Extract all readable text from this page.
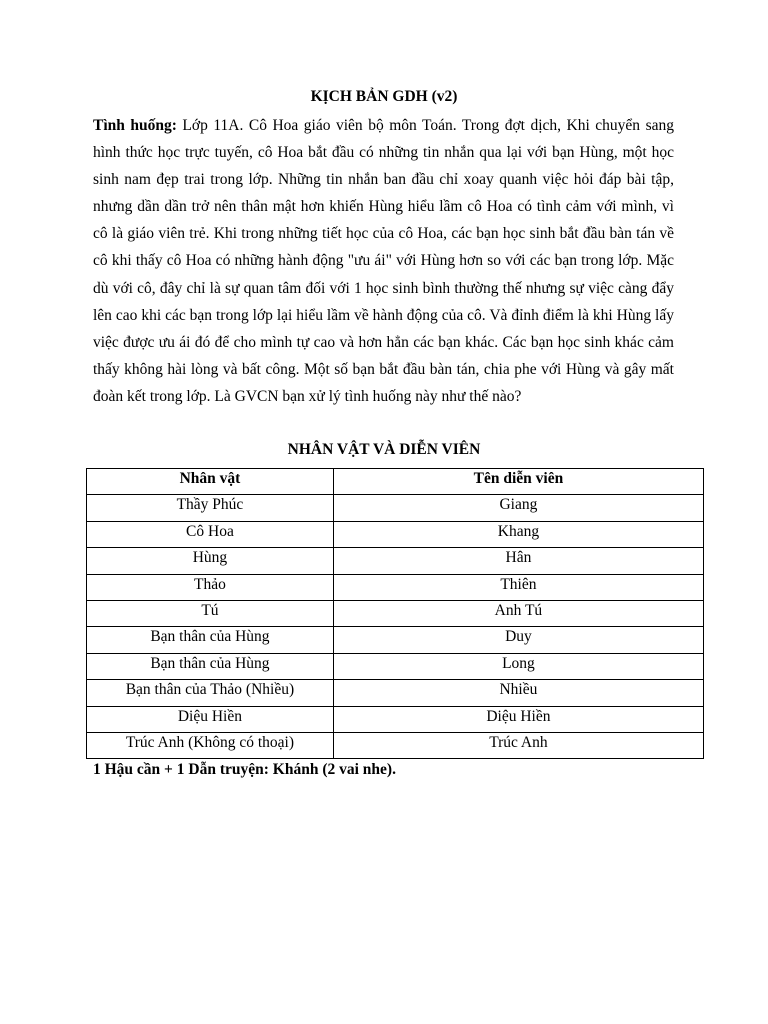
KỊCH BẢN GDH (v2)

Tình huống: Lớp 11A. Cô Hoa giáo viên bộ môn Toán. Trong đợt dịch, Khi chuyển sang hình thức học trực tuyến, cô Hoa bắt đầu có những tin nhắn qua lại với bạn Hùng, một học sinh nam đẹp trai trong lớp. Những tin nhắn ban đầu chỉ xoay quanh việc hỏi đáp bài tập, nhưng dần dần trở nên thân mật hơn khiến Hùng hiểu lầm cô Hoa có tình cảm với mình, vì cô là giáo viên trẻ. Khi trong những tiết học của cô Hoa, các bạn học sinh bắt đầu bàn tán về cô khi thấy cô Hoa có những hành động "ưu ái" với Hùng hơn so với các bạn trong lớp. Mặc dù với cô, đây chỉ là sự quan tâm đối với 1 học sinh bình thường thế nhưng sự việc càng đẩy lên cao khi các bạn trong lớp lại hiểu lầm về hành động của cô. Và đỉnh điểm là khi Hùng lấy việc được ưu ái đó để cho mình tự cao và hơn hẳn các bạn khác. Các bạn học sinh khác cảm thấy không hài lòng và bất công. Một số bạn bắt đầu bàn tán, chia phe với Hùng và gây mất đoàn kết trong lớp. Là GVCN bạn xử lý tình huống này như thế nào?

NHÂN VẬT VÀ DIỄN VIÊN
Nhân vật	Tên diễn viên
Thầy Phúc	Giang
Cô Hoa	Khang
Hùng	Hân
Thảo	Thiên
Tú	Anh Tú
Bạn thân của Hùng	Duy
Bạn thân của Hùng	Long
Bạn thân của Thảo (Nhiều)	Nhiều
Diệu Hiền	Diệu Hiền
Trúc Anh (Không có thoại)	Trúc Anh
1 Hậu cần + 1 Dẫn truyện: Khánh (2 vai nhe).
